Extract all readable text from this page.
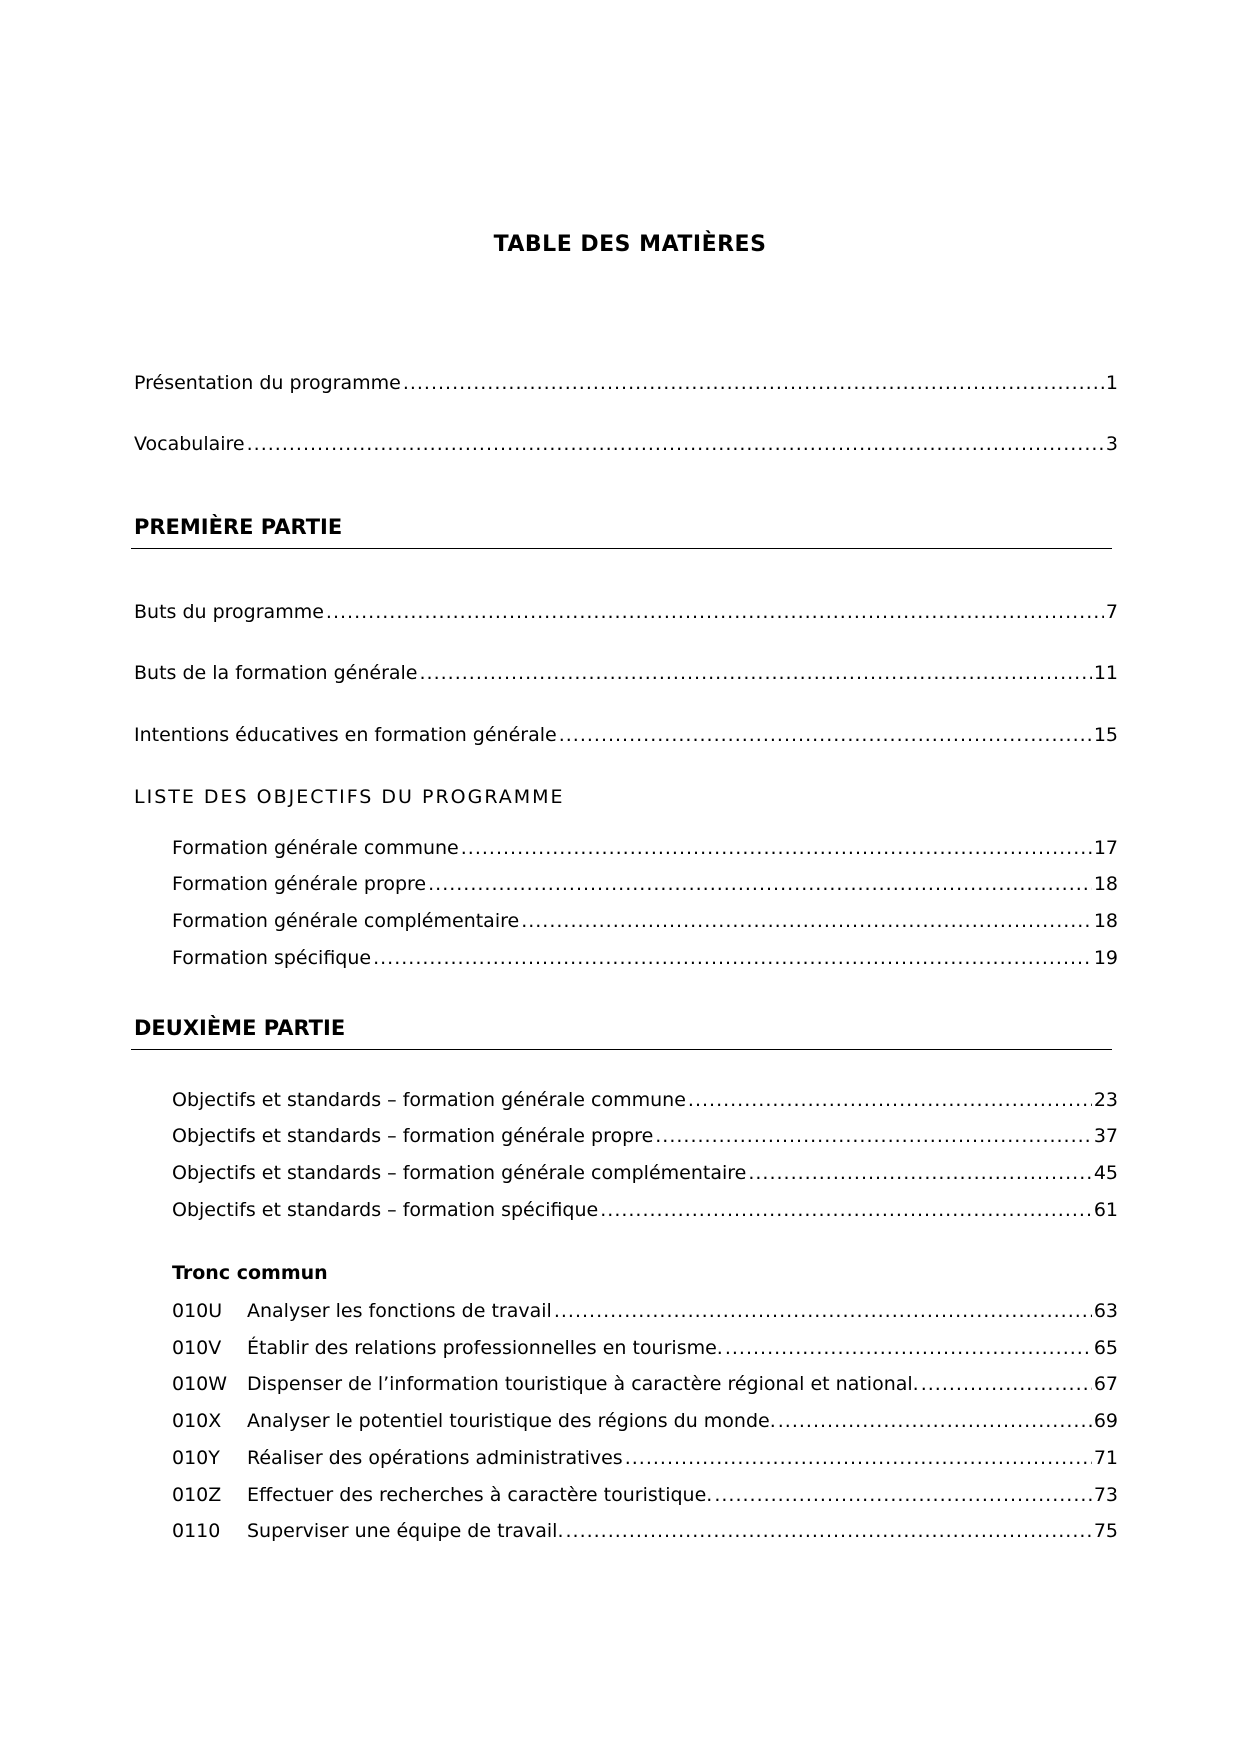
TABLE DES MATIÈRES
Présentation du programme .....	1
Vocabulaire .....	3
PREMIÈRE PARTIE
Buts du programme .....	7
Buts de la formation générale .....	11
Intentions éducatives en formation générale .....	15
LISTE DES OBJECTIFS DU PROGRAMME
Formation générale commune .....	17
Formation générale propre .....	18
Formation générale complémentaire .....	18
Formation spécifique .....	19
DEUXIÈME PARTIE
Objectifs et standards – formation générale commune .....	23
Objectifs et standards – formation générale propre .....	37
Objectifs et standards – formation générale complémentaire .....	45
Objectifs et standards – formation spécifique .....	61
Tronc commun
010U	Analyser les fonctions de travail .....	63
010V	Établir des relations professionnelles en tourisme. .....	65
010W	Dispenser de l’information touristique à caractère régional et national. .....	67
010X	Analyser le potentiel touristique des régions du monde. .....	69
010Y	Réaliser des opérations administratives .....	71
010Z	Effectuer des recherches à caractère touristique. .....	73
0110	Superviser une équipe de travail. .....	75
